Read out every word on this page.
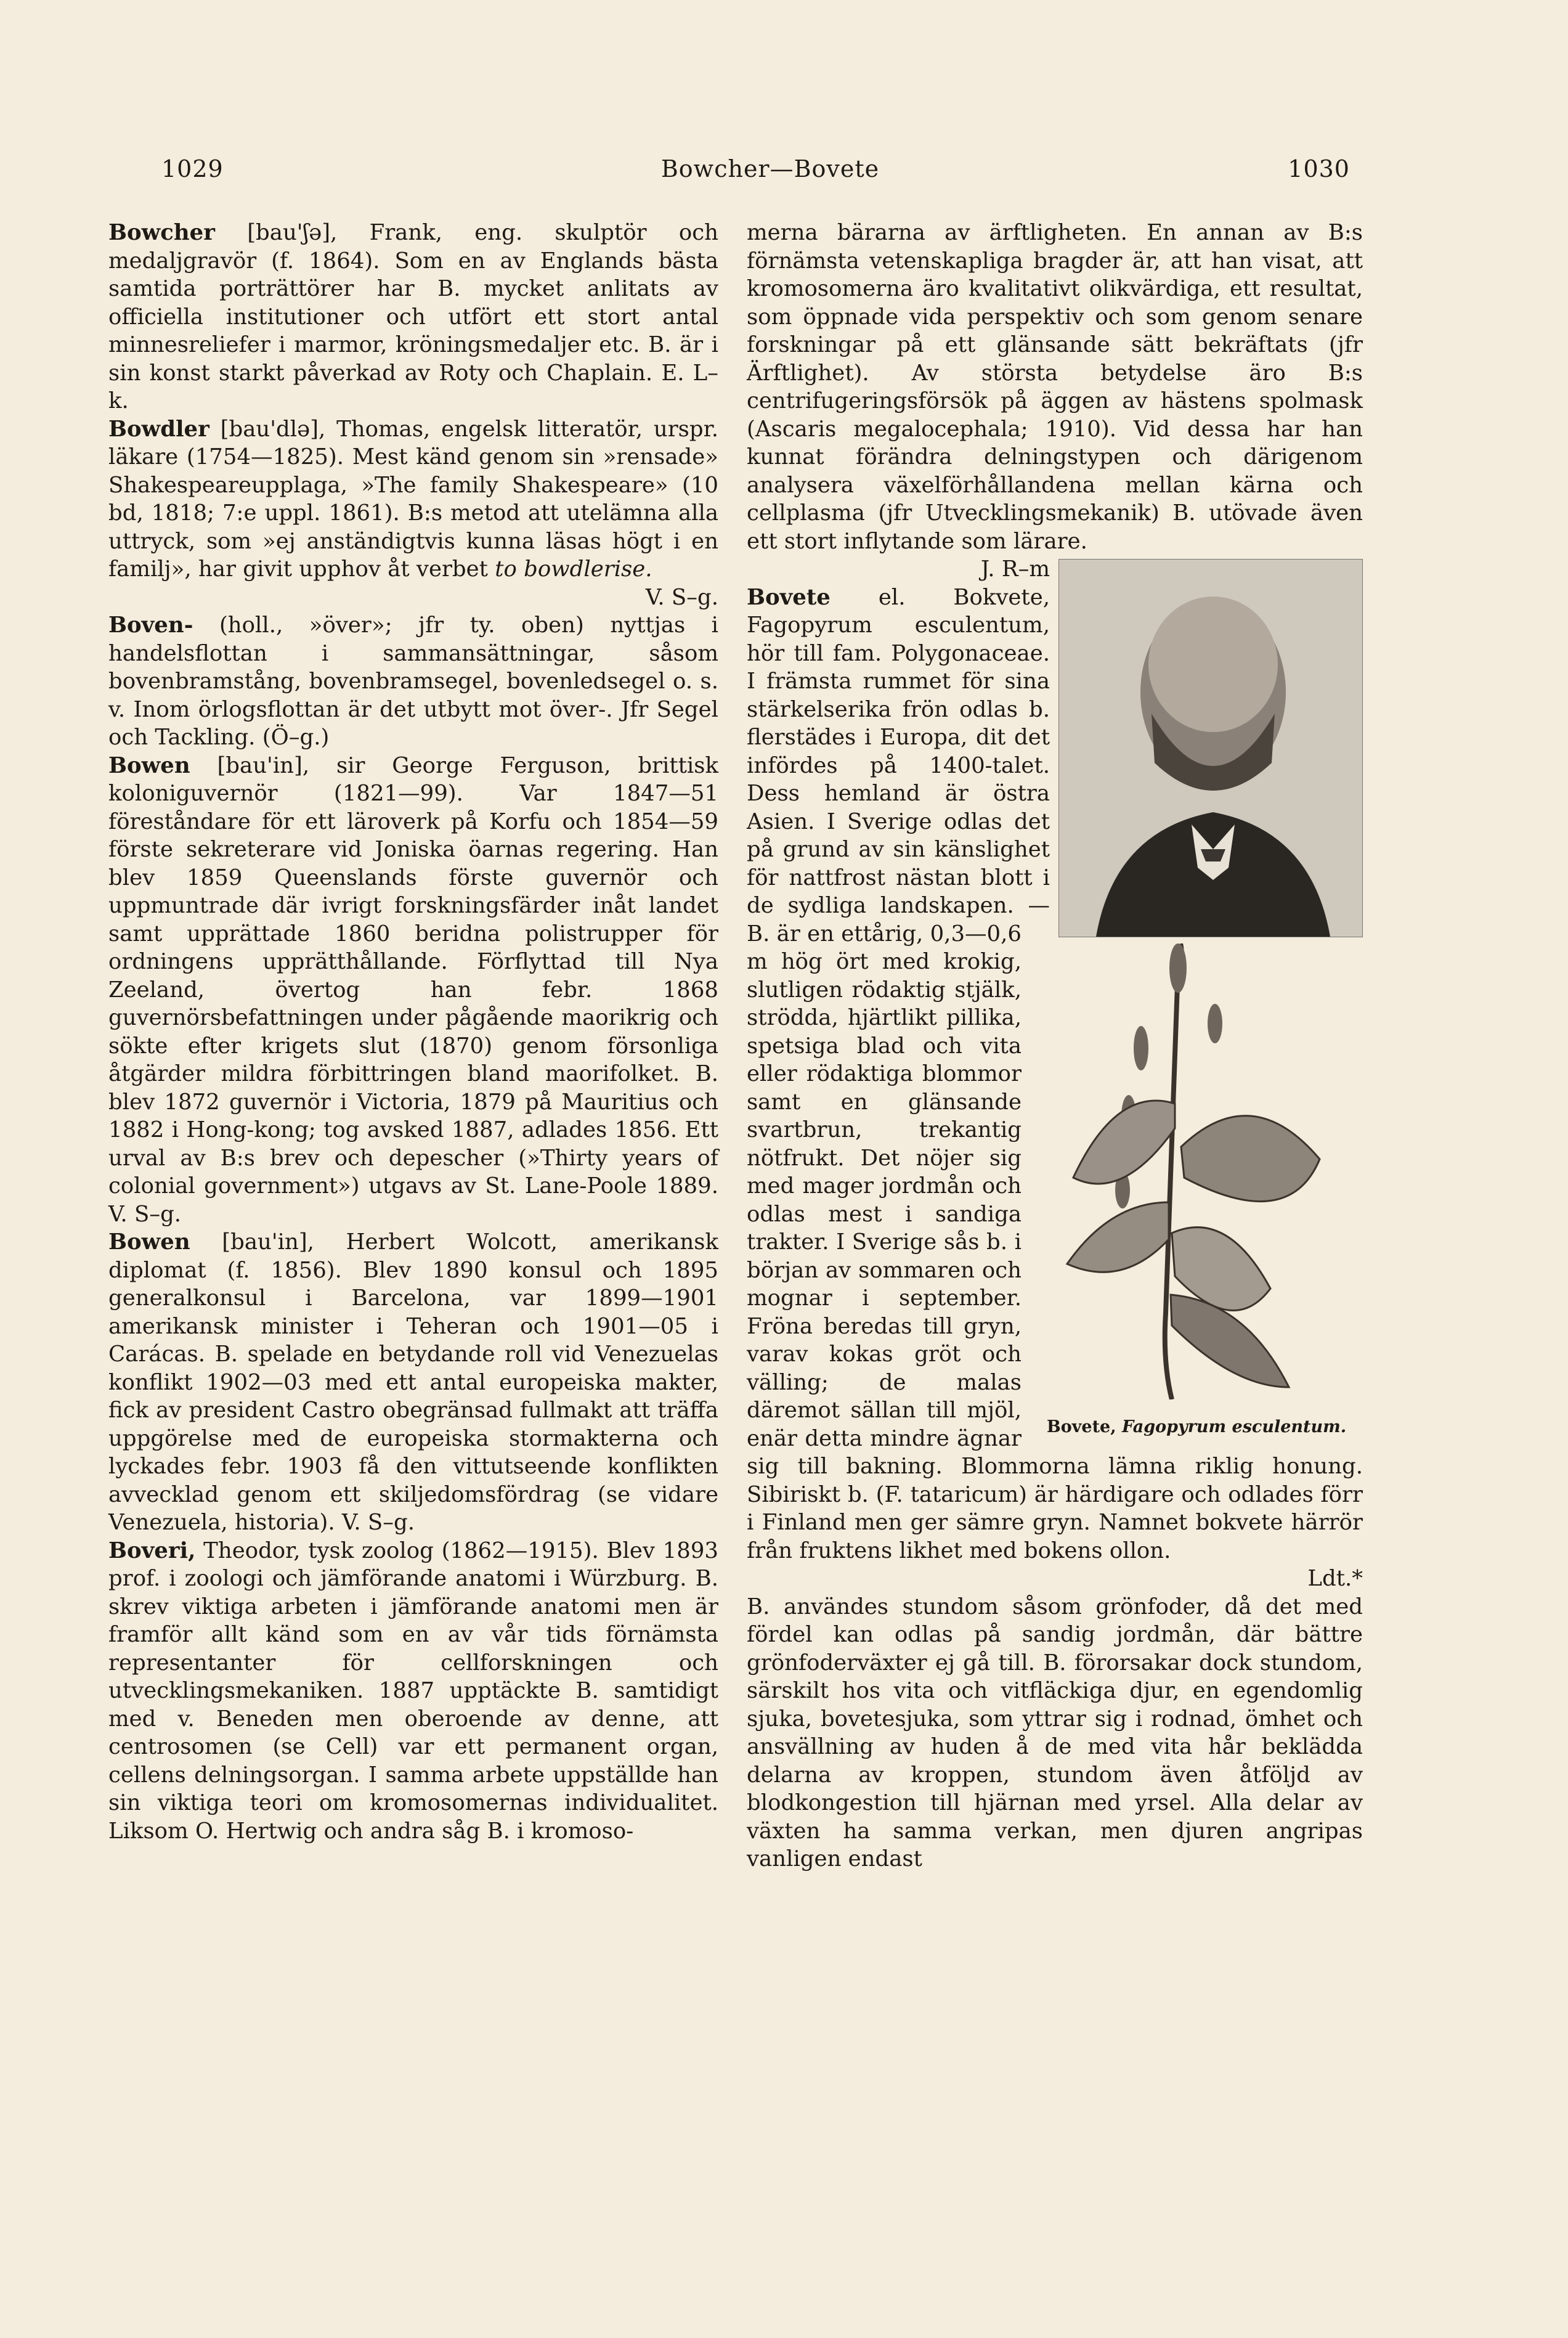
1029	Bowcher—Bovete	1030

Bowcher [bau'ʃə], Frank, eng. skulptör och medaljgravör (f. 1864). Som en av Englands bästa samtida porträttörer har B. mycket anlitats av officiella institutioner och utfört ett stort antal minnesreliefer i marmor, kröningsmedaljer etc. B. är i sin konst starkt påverkad av Roty och Chaplain. E. L–k.

Bowdler [bau'dlə], Thomas, engelsk litteratör, urspr. läkare (1754—1825). Mest känd genom sin »rensade» Shakespeareupplaga, »The family Shakespeare» (10 bd, 1818; 7:e uppl. 1861). B:s metod att utelämna alla uttryck, som »ej anständigtvis kunna läsas högt i en familj», har givit upphov åt verbet to bowdlerise.
V. S–g.

Boven- (holl., »över»; jfr ty. oben) nyttjas i handelsflottan i sammansättningar, såsom bovenbramstång, bovenbramsegel, bovenledsegel o. s. v. Inom örlogsflottan är det utbytt mot över-. Jfr Segel och Tackling. (Ö–g.)

Bowen [bau'in], sir George Ferguson, brittisk koloniguvernör (1821—99). Var 1847—51 föreståndare för ett läroverk på Korfu och 1854—59 förste sekreterare vid Joniska öarnas regering. Han blev 1859 Queenslands förste guvernör och uppmuntrade där ivrigt forskningsfärder inåt landet samt upprättade 1860 beridna polistrupper för ordningens upprätthållande. Förflyttad till Nya Zeeland, övertog han febr. 1868 guvernörsbefattningen under pågående maorikrig och sökte efter krigets slut (1870) genom försonliga åtgärder mildra förbittringen bland maorifolket. B. blev 1872 guvernör i Victoria, 1879 på Mauritius och 1882 i Hong-kong; tog avsked 1887, adlades 1856. Ett urval av B:s brev och depescher (»Thirty years of colonial government») utgavs av St. Lane-Poole 1889. V. S–g.

Bowen [bau'in], Herbert Wolcott, amerikansk diplomat (f. 1856). Blev 1890 konsul och 1895 generalkonsul i Barcelona, var 1899—1901 amerikansk minister i Teheran och 1901—05 i Carácas. B. spelade en betydande roll vid Venezuelas konflikt 1902—03 med ett antal europeiska makter, fick av president Castro obegränsad fullmakt att träffa uppgörelse med de europeiska stormakterna och lyckades febr. 1903 få den vittutseende konflikten avvecklad genom ett skiljedomsfördrag (se vidare Venezuela, historia). V. S–g.

Boveri, Theodor, tysk zoolog (1862—1915). Blev 1893 prof. i zoologi och jämförande anatomi i Würzburg. B. skrev viktiga arbeten i jämförande anatomi men är framför allt känd som en av vår tids förnämsta representanter för cellforskningen och utvecklingsmekaniken. 1887 upptäckte B. samtidigt med v. Beneden men oberoende av denne, att centrosomen (se Cell) var ett permanent organ, cellens delningsorgan. I samma arbete uppställde han sin viktiga teori om kromosomernas individualitet. Liksom O. Hertwig och andra såg B. i kromoso-

merna bärarna av ärftligheten. En annan av B:s förnämsta vetenskapliga bragder är, att han visat, att kromosomerna äro kvalitativt olikvärdiga, ett resultat, som öppnade vida perspektiv och som genom senare forskningar på ett glänsande sätt bekräftats (jfr Ärftlighet). Av största betydelse äro B:s centrifugeringsförsök på äggen av hästens spolmask (Ascaris megalocephala; 1910). Vid dessa har han kunnat förändra delningstypen och därigenom analysera växelförhållandena mellan kärna och cellplasma (jfr Utvecklingsmekanik) B. utövade även ett stort inflytande som lärare.

J. R–m

Bovete, Fagopyrum esculentum.
Bovete el. Bokvete, Fagopyrum esculentum, hör till fam. Polygonaceae. I främsta rummet för sina stärkelserika frön odlas b. flerstädes i Europa, dit det infördes på 1400-talet. Dess hemland är östra Asien. I Sverige odlas det på grund av sin känslighet för nattfrost nästan blott i de sydliga landskapen. — B. är en ettårig, 0,3—0,6 m hög ört med krokig, slutligen rödaktig stjälk, strödda, hjärtlikt pillika, spetsiga blad och vita eller rödaktiga blommor samt en glänsande svartbrun, trekantig nötfrukt. Det nöjer sig med mager jordmån och odlas mest i sandiga trakter. I Sverige sås b. i början av sommaren och mognar i september. Fröna beredas till gryn, varav kokas gröt och välling; de malas däremot sällan till mjöl, enär detta mindre ägnar sig till bakning. Blommorna lämna riklig honung. Sibiriskt b. (F. tataricum) är härdigare och odlades förr i Finland men ger sämre gryn. Namnet bokvete härrör från fruktens likhet med bokens ollon.
Ldt.*

B. användes stundom såsom grönfoder, då det med fördel kan odlas på sandig jordmån, där bättre grönfoderväxter ej gå till. B. förorsakar dock stundom, särskilt hos vita och vitfläckiga djur, en egendomlig sjuka, bovetesjuka, som yttrar sig i rodnad, ömhet och ansvällning av huden å de med vita hår beklädda delarna av kroppen, stundom även åtföljd av blodkongestion till hjärnan med yrsel. Alla delar av växten ha samma verkan, men djuren angripas vanligen endast
